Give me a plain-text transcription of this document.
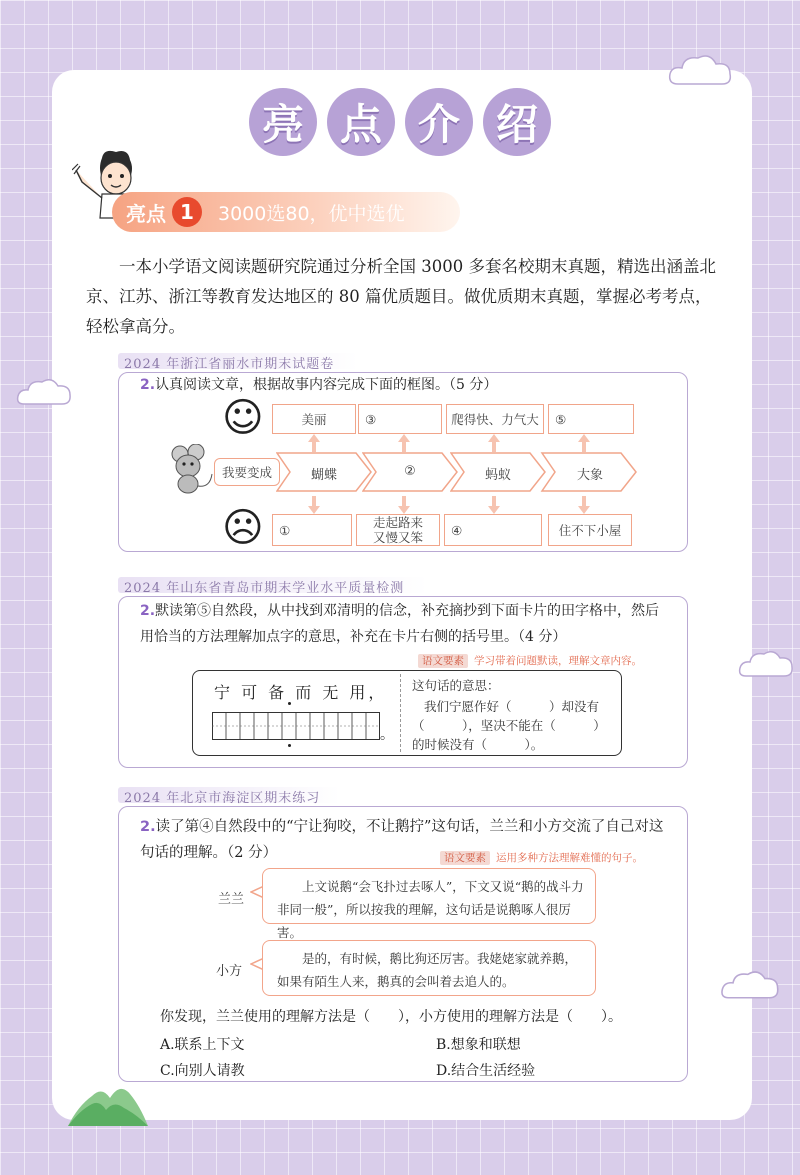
亮 点 介 绍
亮点 1	3000选80，优中选优

一本小学语文阅读题研究院通过分析全国 3000 多套名校期末真题，精选出涵盖北京、江苏、浙江等教育发达地区的 80 篇优质题目。做优质期末真题，掌握必考考点，轻松拿高分。

2024 年浙江省丽水市期末试题卷
2.认真阅读文章，根据故事内容完成下面的框图。（5 分）
☺
☹
我要变成
美丽	③	爬得快、力气大	⑤
蝴蝶	②	蚂蚁	大象
①	走起路来
又慢又笨	④	住不下小屋
2024 年山东省青岛市期末学业水平质量检测
2.默读第⑤自然段，从中找到邓清明的信念，补充摘抄到下面卡片的田字格中，然后用恰当的方法理解加点字的意思，补充在卡片右侧的括号里。（4 分）
语文要素 学习带着问题默读，理解文章内容。
宁 可 备 而 无 用，
。
这句话的意思：
我们宁愿作好（　　　）却没有
（　　　），坚决不能在（　　　）
的时候没有（　　　）。
2024 年北京市海淀区期末练习
2.读了第④自然段中的“宁让狗咬，不让鹅拧”这句话，兰兰和小方交流了自己对这句话的理解。（2 分）	语文要素 运用多种方法理解难懂的句子。
兰兰
上文说鹅“会飞扑过去啄人”，下文又说“鹅的战斗力非同一般”，所以按我的理解，这句话是说鹅啄人很厉害。
小方
是的，有时候，鹅比狗还厉害。我姥姥家就养鹅，如果有陌生人来，鹅真的会叫着去追人的。
你发现，兰兰使用的理解方法是（　　），小方使用的理解方法是（　　）。
A.联系上下文	B.想象和联想
C.向别人请教	D.结合生活经验
